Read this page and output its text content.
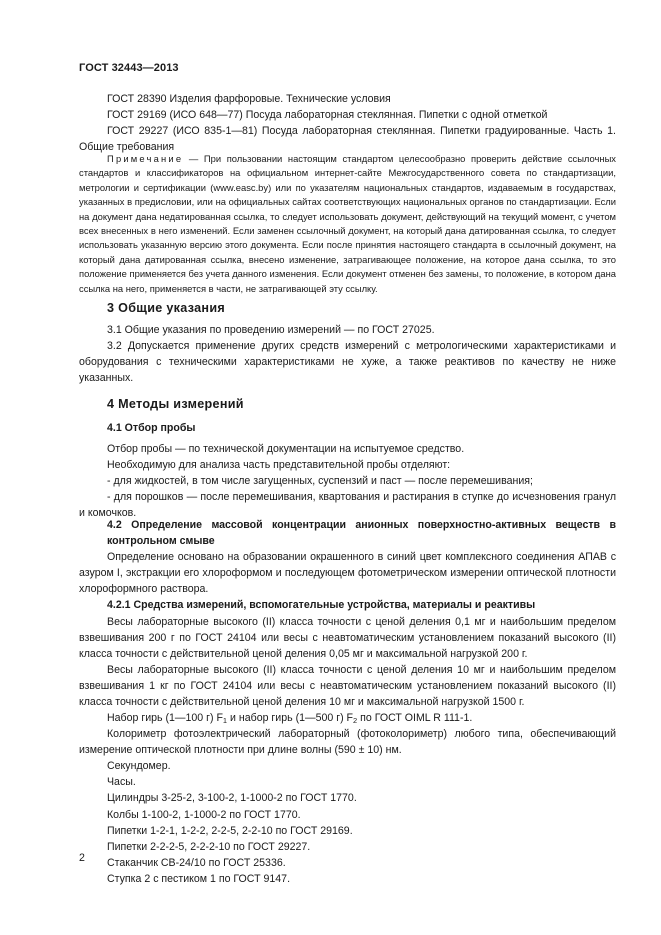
ГОСТ 32443—2013

ГОСТ 28390 Изделия фарфоровые. Технические условия

ГОСТ 29169 (ИСО 648—77) Посуда лабораторная стеклянная. Пипетки с одной отметкой

ГОСТ 29227 (ИСО 835-1—81) Посуда лабораторная стеклянная. Пипетки градуированные. Часть 1. Общие требования

Примечание — При пользовании настоящим стандартом целесообразно проверить действие ссылочных стандартов и классификаторов на официальном интернет-сайте Межгосударственного совета по стандартизации, метрологии и сертификации (www.easc.by) или по указателям национальных стандартов, издаваемым в государствах, указанных в предисловии, или на официальных сайтах соответствующих национальных органов по стандартизации. Если на документ дана недатированная ссылка, то следует использовать документ, действующий на текущий момент, с учетом всех внесенных в него изменений. Если заменен ссылочный документ, на который дана датированная ссылка, то следует использовать указанную версию этого документа. Если после принятия настоящего стандарта в ссылочный документ, на который дана датированная ссылка, внесено изменение, затрагивающее положение, на которое дана ссылка, то это положение применяется без учета данного изменения. Если документ отменен без замены, то положение, в котором дана ссылка на него, применяется в части, не затрагивающей эту ссылку.

3 Общие указания

3.1 Общие указания по проведению измерений — по ГОСТ 27025.

3.2 Допускается применение других средств измерений с метрологическими характеристиками и оборудования с техническими характеристиками не хуже, а также реактивов по качеству не ниже указанных.

4 Методы измерений
4.1 Отбор пробы

Отбор пробы — по технической документации на испытуемое средство.

Необходимую для анализа часть представительной пробы отделяют:

- для жидкостей, в том числе загущенных, суспензий и паст — после перемешивания;

- для порошков — после перемешивания, квартования и растирания в ступке до исчезновения гранул и комочков.

4.2 Определение массовой концентрации анионных поверхностно-активных веществ в контрольном смыве

Определение основано на образовании окрашенного в синий цвет комплексного соединения АПАВ с азуром I, экстракции его хлороформом и последующем фотометрическом измерении оптической плотности хлороформного раствора.

4.2.1 Средства измерений, вспомогательные устройства, материалы и реактивы

Весы лабораторные высокого (II) класса точности с ценой деления 0,1 мг и наибольшим пределом взвешивания 200 г по ГОСТ 24104 или весы с неавтоматическим установлением показаний высокого (II) класса точности с действительной ценой деления 0,05 мг и максимальной нагрузкой 200 г.

Весы лабораторные высокого (II) класса точности с ценой деления 10 мг и наибольшим пределом взвешивания 1 кг по ГОСТ 24104 или весы с неавтоматическим установлением показаний высокого (II) класса точности с действительной ценой деления 10 мг и максимальной нагрузкой 1500 г.

Набор гирь (1—100 г) $F_1$ и набор гирь (1—500 г) $F_2$ по ГОСТ OIML R 111-1.

Колориметр фотоэлектрический лабораторный (фотоколориметр) любого типа, обеспечивающий измерение оптической плотности при длине волны (590 ± 10) нм.

Секундомер.

Часы.

Цилиндры 3-25-2, 3-100-2, 1-1000-2 по ГОСТ 1770.

Колбы 1-100-2, 1-1000-2 по ГОСТ 1770.

Пипетки 1-2-1, 1-2-2, 2-2-5, 2-2-10 по ГОСТ 29169.

Пипетки 2-2-2-5, 2-2-2-10 по ГОСТ 29227.

Стаканчик СВ-24/10 по ГОСТ 25336.

Ступка 2 с пестиком 1 по ГОСТ 9147.

2
